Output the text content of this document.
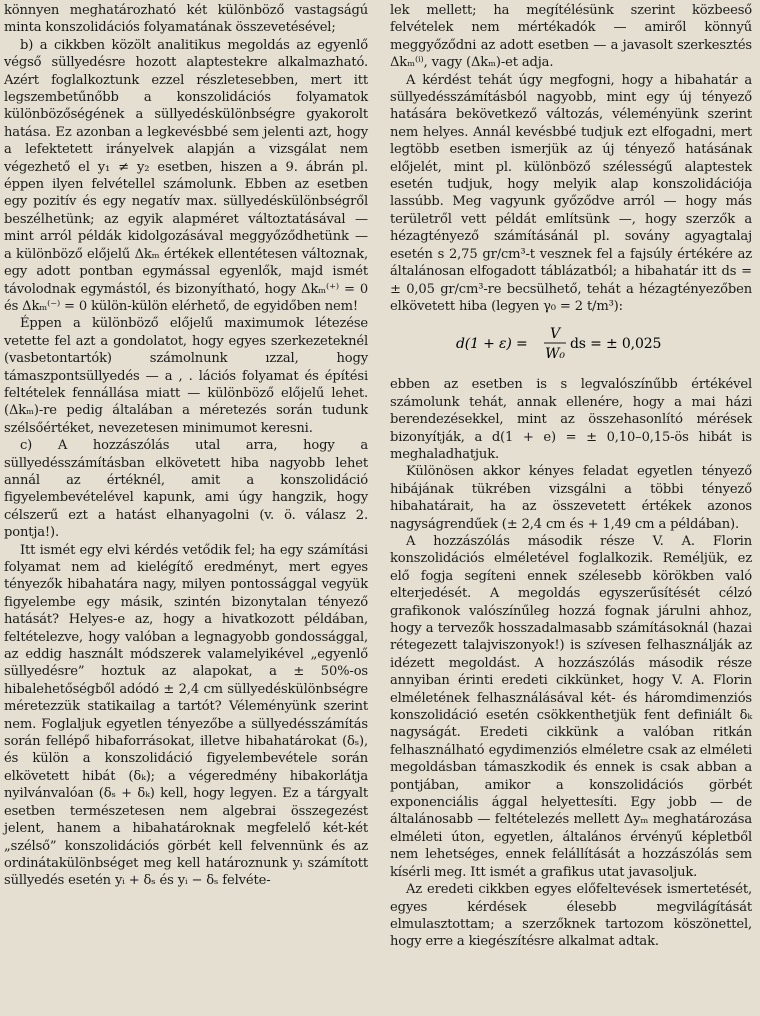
könnyen meghatározható két különböző vastagságú minta konszolidációs folyamatának összevetésével;

b) a cikkben közölt analitikus megoldás az egyenlő végső süllyedésre hozott alaptestekre alkalmazható. Azért foglalkoztunk ezzel részletesebben, mert itt legszembetűnőbb a konszolidációs folyamatok különbözőségének a süllyedéskülönbségre gyakorolt hatása. Ez azonban a legkevésbbé sem jelenti azt, hogy a lefektetett irányelvek alapján a vizsgálat nem végezhető el y₁ ≠ y₂ esetben, hiszen a 9. ábrán pl. éppen ilyen felvétellel számolunk. Ebben az esetben egy pozitív és egy negatív max. süllyedéskülönbségről beszélhetünk; az egyik alapméret változtatásával — mint arról példák kidolgozásával meggyőződhetünk — a különböző előjelű Δkₘ értékek ellentétesen változnak, egy adott pontban egymással egyenlők, majd ismét távolodnak egymástól, és bizonyítható, hogy Δkₘ⁽⁺⁾ = 0 és Δkₘ⁽⁻⁾ = 0 külön-külön elérhető, de egyidőben nem!

Éppen a különböző előjelű maximumok létezése vetette fel azt a gondolatot, hogy egyes szerkezeteknél (vasbetontartók) számolnunk ızzal, hogy támaszpontsüllyedés — a , . lációs folyamat és építési feltételek fennállása miatt — különböző előjelű lehet. (Δkₘ)-re pedig általában a méretezés során tudunk szélsőértéket, nevezetesen minimumot keresni.

c) A hozzászólás utal arra, hogy a süllyedésszámításban elkövetett hiba nagyobb lehet annál az értéknél, amit a konszolidáció figyelembevételével kapunk, ami úgy hangzik, hogy célszerű ezt a hatást elhanyagolni (v. ö. válasz 2. pontja!).

Itt ismét egy elvi kérdés vetődik fel; ha egy számítási folyamat nem ad kielégítő eredményt, mert egyes tényezők hibahatára nagy, milyen pontossággal vegyük figyelembe egy másik, szintén bizonytalan tényező hatását? Helyes-e az, hogy a hivatkozott példában, feltételezve, hogy valóban a legnagyobb gondossággal, az eddig használt módszerek valamelyikével „egyenlő süllyedésre” hoztuk az alapokat, a ± 50%-os hibalehetőségből adódó ± 2,4 cm süllyedéskülönbségre méretezzük statikailag a tartót? Véleményünk szerint nem. Foglaljuk egyetlen tényezőbe a süllyedésszámítás során fellépő hibaforrásokat, illetve hibahatárokat (δₛ), és külön a konszolidáció figyelembevétele során elkövetett hibát (δₖ); a végeredmény hibakorlátja nyilvánvalóan (δₛ + δₖ) kell, hogy legyen. Ez a tárgyalt esetben természetesen nem algebrai összegezést jelent, hanem a hibahatároknak megfelelő két-két „szélső” konszolidációs görbét kell felvennünk és az ordinátakülönbséget meg kell határoznunk yᵢ számított süllyedés esetén yᵢ + δₛ és yᵢ − δₛ felvéte-

lek mellett; ha megítélésünk szerint közbeeső felvételek nem mértékadók — amiről könnyű meggyőződni az adott esetben — a javasolt szerkesztés Δkₘ⁽ⁱ⁾, vagy (Δkₘ)-et adja.

A kérdést tehát úgy megfogni, hogy a hibahatár a süllyedésszámításból nagyobb, mint egy új tényező hatására bekövetkező változás, véleményünk szerint nem helyes. Annál kevésbbé tudjuk ezt elfogadni, mert legtöbb esetben ismerjük az új tényező hatásának előjelét, mint pl. különböző szélességű alaptestek esetén tudjuk, hogy melyik alap konszolidációja lassúbb. Meg vagyunk győződve arról — hogy más területről vett példát említsünk —, hogy szerzők a hézagtényező számításánál pl. sovány agyagtalaj esetén s 2,75 gr/cm³-t vesznek fel a fajsúly értékére az általánosan elfogadott táblázatból; a hibahatár itt ds = ± 0,05 gr/cm³-re becsülhető, tehát a hézagtényezőben elkövetett hiba (legyen γ₀ = 2 t/m³):

d(1 + ε) =
V
W₀
ds = ± 0,025

ebben az esetben is s legvalószínűbb értékével számolunk tehát, annak ellenére, hogy a mai házi berendezésekkel, mint az összehasonlító mérések bizonyítják, a d(1 + e) = ± 0,10–0,15-ös hibát is meghaladhatjuk.

Különösen akkor kényes feladat egyetlen tényező hibájának tükrében vizsgálni a többi tényező hibahatárait, ha az összevetett értékek azonos nagyságrendűek (± 2,4 cm és + 1,49 cm a példában).

A hozzászólás második része V. A. Florin konszolidációs elméletével foglalkozik. Reméljük, ez elő fogja segíteni ennek szélesebb körökben való elterjedését. A megoldás egyszerűsítését célzó grafikonok valószínűleg hozzá fognak járulni ahhoz, hogy a tervezők hosszadalmasabb számításoknál (hazai rétegezett talajviszonyok!) is szívesen felhasználják az idézett megoldást. A hozzászólás második része annyiban érinti eredeti cikkünket, hogy V. A. Florin elméletének felhasználásával két- és háromdimenziós konszolidáció esetén csökkenthetjük fent definiált δₖ nagyságát. Eredeti cikkünk a valóban ritkán felhasználható egydimenziós elméletre csak az elméleti megoldásban támaszkodik és ennek is csak abban a pontjában, amikor a konszolidációs görbét exponenciális ággal helyettesíti. Egy jobb — de általánosabb — feltételezés mellett Δyₘ meghatározása elméleti úton, egyetlen, általános érvényű képletből nem lehetséges, ennek felállítását a hozzászólás sem kísérli meg. Itt ismét a grafikus utat javasoljuk.

Az eredeti cikkben egyes előfeltevések ismertetését, egyes kérdések élesebb megvilágítását elmulasztottam; a szerzőknek tartozom köszönettel, hogy erre a kiegészítésre alkalmat adtak.
